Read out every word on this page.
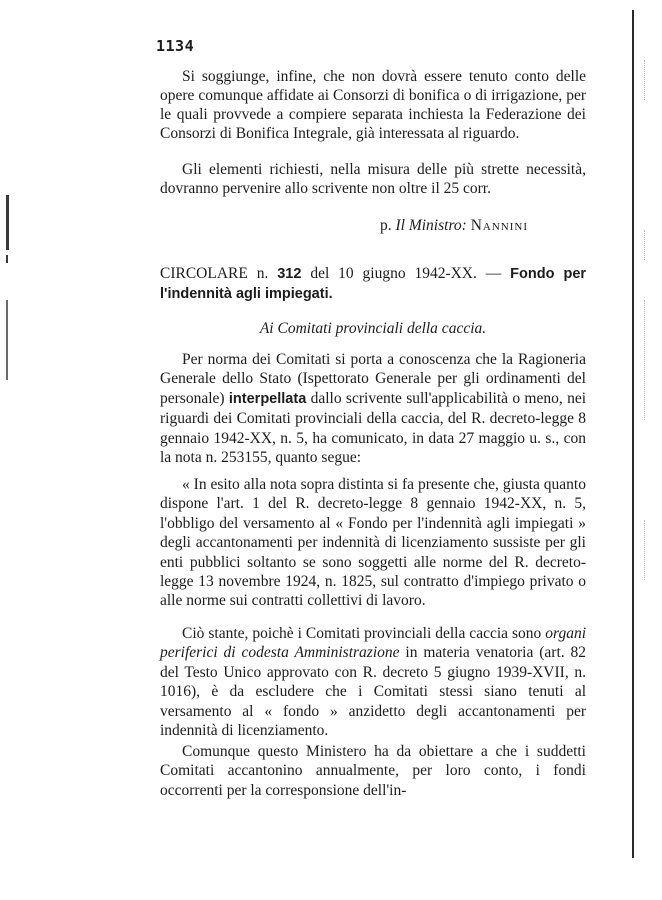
1134

Si soggiunge, infine, che non dovrà essere tenuto conto delle opere comunque affidate ai Consorzi di bonifica o di irrigazione, per le quali provvede a compiere separata inchiesta la Federazione dei Consorzi di Bonifica Integrale, già interessata al riguardo.

Gli elementi richiesti, nella misura delle più strette necessità, dovranno pervenire allo scrivente non oltre il 25 corr.

p. Il Ministro: Nannini
CIRCOLARE n. 312 del 10 giugno 1942-XX. — Fondo per l'indennità agli impiegati.
Ai Comitati provinciali della caccia.

Per norma dei Comitati si porta a conoscenza che la Ragioneria Generale dello Stato (Ispettorato Generale per gli ordinamenti del personale) interpellata dallo scrivente sull'applicabilità o meno, nei riguardi dei Comitati provinciali della caccia, del R. decreto-legge 8 gennaio 1942-XX, n. 5, ha comunicato, in data 27 maggio u. s., con la nota n. 253155, quanto segue:

« In esito alla nota sopra distinta si fa presente che, giusta quanto dispone l'art. 1 del R. decreto-legge 8 gennaio 1942-XX, n. 5, l'obbligo del versamento al « Fondo per l'indennità agli impiegati » degli accantonamenti per indennità di licenziamento sussiste per gli enti pubblici soltanto se sono soggetti alle norme del R. decreto-legge 13 novembre 1924, n. 1825, sul contratto d'impiego privato o alle norme sui contratti collettivi di lavoro.

Ciò stante, poichè i Comitati provinciali della caccia sono organi periferici di codesta Amministrazione in materia venatoria (art. 82 del Testo Unico approvato con R. decreto 5 giugno 1939-XVII, n. 1016), è da escludere che i Comitati stessi siano tenuti al versamento al « fondo » anzidetto degli accantonamenti per indennità di licenziamento.

Comunque questo Ministero ha da obiettare a che i suddetti Comitati accantonino annualmente, per loro conto, i fondi occorrenti per la corresponsione dell'in-
